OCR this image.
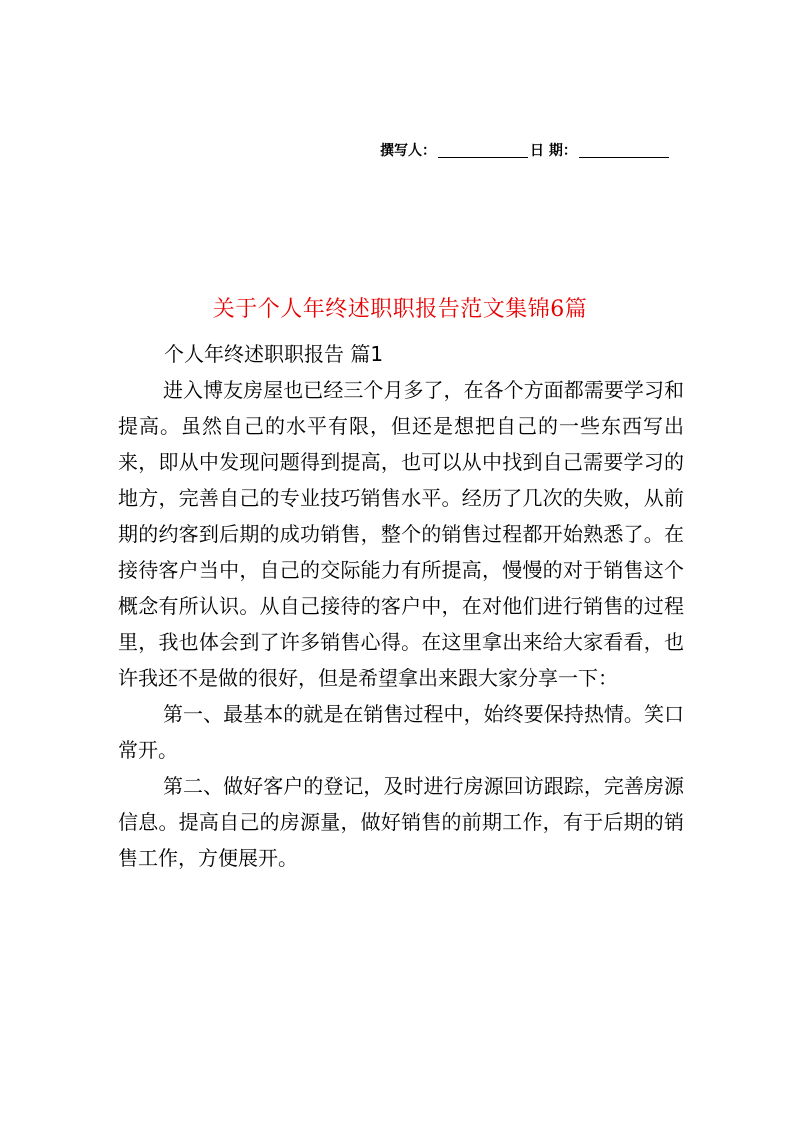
撰写人：	日 期：
关于个人年终述职职报告范文集锦6篇

个人年终述职职报告 篇1

进入博友房屋也已经三个月多了，在各个方面都需要学习和提高。虽然自己的水平有限，但还是想把自己的一些东西写出来，即从中发现问题得到提高，也可以从中找到自己需要学习的地方，完善自己的专业技巧销售水平。经历了几次的失败，从前期的约客到后期的成功销售，整个的销售过程都开始熟悉了。在接待客户当中，自己的交际能力有所提高，慢慢的对于销售这个概念有所认识。从自己接待的客户中，在对他们进行销售的过程里，我也体会到了许多销售心得。在这里拿出来给大家看看，也许我还不是做的很好，但是希望拿出来跟大家分享一下：

第一、最基本的就是在销售过程中，始终要保持热情。笑口常开。

第二、做好客户的登记，及时进行房源回访跟踪，完善房源信息。提高自己的房源量，做好销售的前期工作，有于后期的销售工作，方便展开。
